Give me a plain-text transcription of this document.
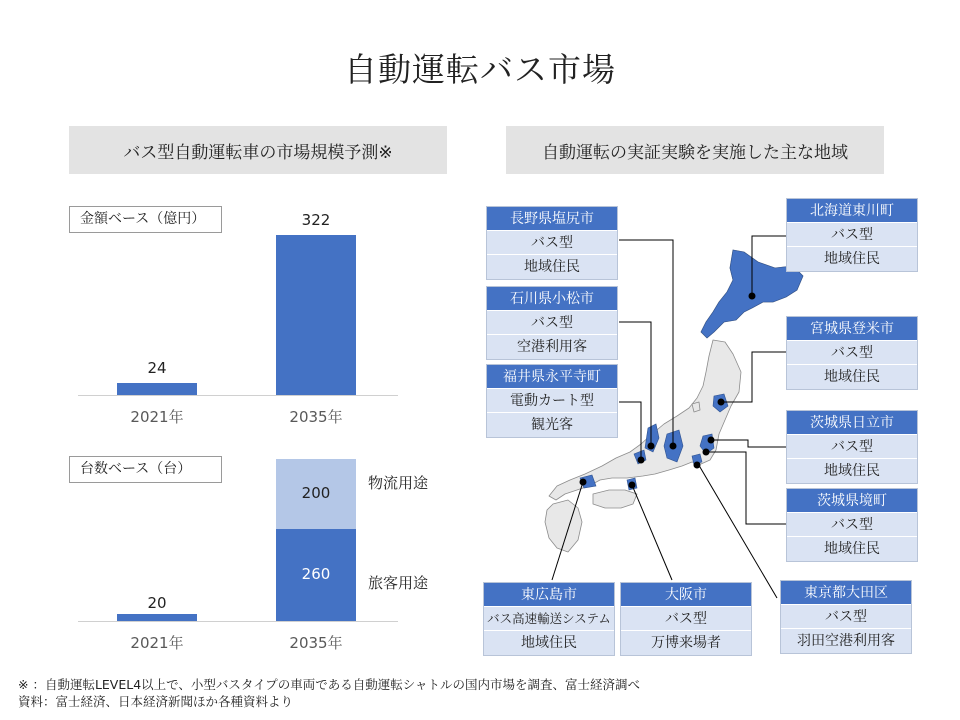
自動運転バス市場
バス型自動運転車の市場規模予測※
金額ベース（億円）
24
322
2021年	2035年
台数ベース（台）
20
260
200
物流用途
旅客用途
2021年	2035年
自動運転の実証実験を実施した主な地域
長野県塩尻市
バス型
地域住民
石川県小松市
バス型
空港利用客
福井県永平寺町
電動カート型
観光客
北海道東川町
バス型
地域住民
宮城県登米市
バス型
地域住民
茨城県日立市
バス型
地域住民
茨城県境町
バス型
地域住民
東広島市
バス高速輸送システム
地域住民
大阪市
バス型
万博来場者
東京都大田区
バス型
羽田空港利用客
※ ：自動運転LEVEL4以上で、小型バスタイプの車両である自動運転シャトルの国内市場を調査、富士経済調べ
資料：富士経済、日本経済新聞ほか各種資料より
